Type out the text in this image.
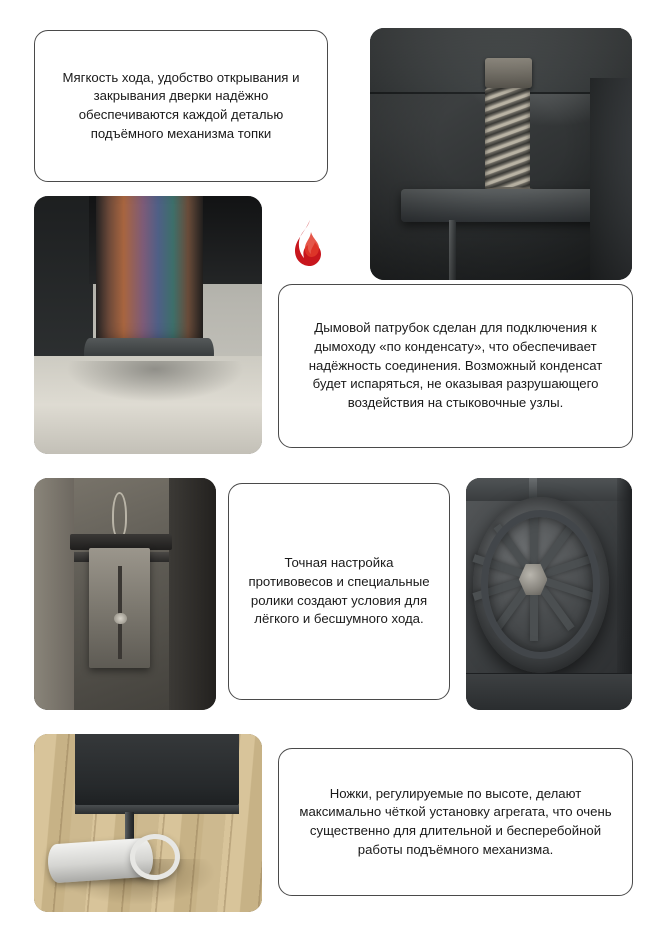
Мягкость хода, удобство открывания и закрывания дверки надёжно обеспечиваются каждой деталью подъёмного механизма топки

Дымовой патрубок сделан для подключения к дымоходу «по конденсату», что обеспечивает надёжность соединения. Возможный конденсат будет испаряться, не оказывая разрушающего воздействия на стыковочные узлы.

Точная настройка противовесов и специальные ролики создают условия для лёгкого и бесшумного хода.

Ножки, регулируемые по высоте, делают максимально чёткой установку агрегата, что очень существенно для длительной и бесперебойной работы подъёмного механизма.
